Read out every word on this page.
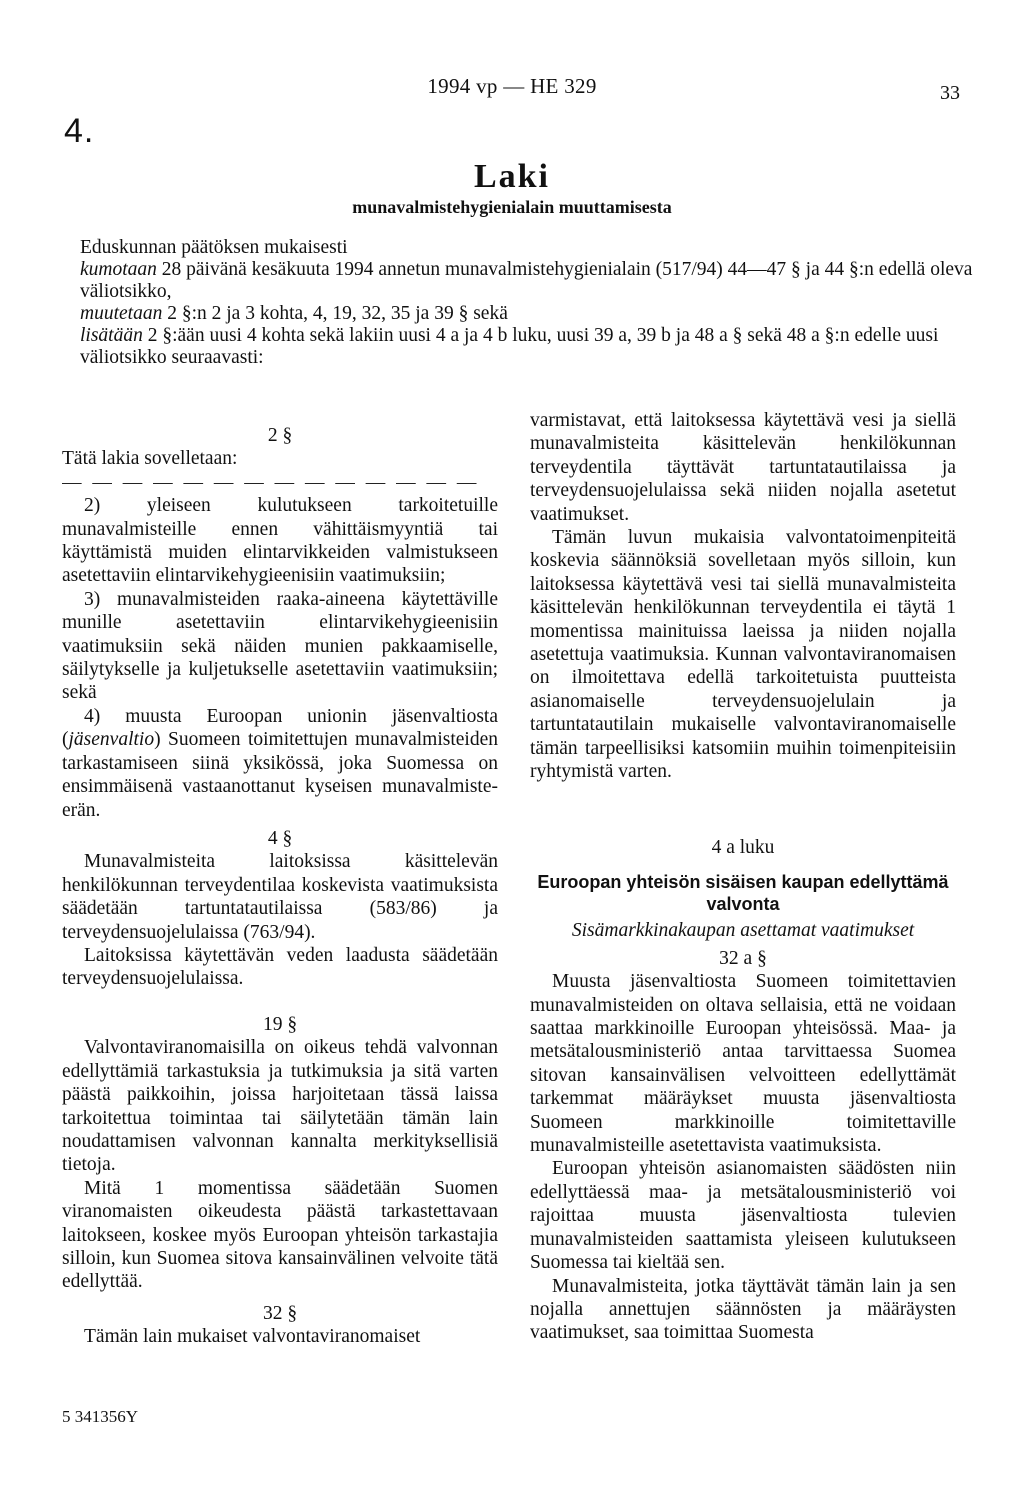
1994 vp — HE 329	33
4.
Laki
munavalmistehygienialain muuttamisesta

Eduskunnan päätöksen mukaisesti

kumotaan 28 päivänä kesäkuuta 1994 annetun munavalmistehygienialain (517/94) 44—47 § ja 44 §:n edellä oleva väliotsikko,

muutetaan 2 §:n 2 ja 3 kohta, 4, 19, 32, 35 ja 39 § sekä

lisätään 2 §:ään uusi 4 kohta sekä lakiin uusi 4 a ja 4 b luku, uusi 39 a, 39 b ja 48 a § sekä 48 a §:n edelle uusi väliotsikko seuraavasti:

2 §

Tätä lakia sovelletaan:

— — — — — — — — — — — — — —

2) yleiseen kulutukseen tarkoitetuille munavalmisteille ennen vähittäismyyntiä tai käyttämistä muiden elintarvikkeiden valmistukseen asetettaviin elintarvikehygieenisiin vaatimuksiin;

3) munavalmisteiden raaka-aineena käytettäville munille asetettaviin elintarvikehygieenisiin vaatimuksiin sekä näiden munien pakkaamiselle, säilytykselle ja kuljetukselle asetettaviin vaatimuksiin; sekä

4) muusta Euroopan unionin jäsenvaltiosta (jäsenvaltio) Suomeen toimitettujen munavalmisteiden tarkastamiseen siinä yksikössä, joka Suomessa on ensimmäisenä vastaanottanut kyseisen munavalmiste-erän.

4 §

Munavalmisteita laitoksissa käsittelevän henkilökunnan terveydentilaa koskevista vaatimuksista säädetään tartuntatautilaissa (583/86) ja terveydensuojelulaissa (763/94).

Laitoksissa käytettävän veden laadusta säädetään terveydensuojelulaissa.

19 §

Valvontaviranomaisilla on oikeus tehdä valvonnan edellyttämiä tarkastuksia ja tutkimuksia ja sitä varten päästä paikkoihin, joissa harjoitetaan tässä laissa tarkoitettua toimintaa tai säilytetään tämän lain noudattamisen valvonnan kannalta merkityksellisiä tietoja.

Mitä 1 momentissa säädetään Suomen viranomaisten oikeudesta päästä tarkastettavaan laitokseen, koskee myös Euroopan yhteisön tarkastajia silloin, kun Suomea sitova kansainvälinen velvoite tätä edellyttää.

32 §

Tämän lain mukaiset valvontaviranomaiset

varmistavat, että laitoksessa käytettävä vesi ja siellä munavalmisteita käsittelevän henkilökunnan terveydentila täyttävät tartuntatautilaissa ja terveydensuojelulaissa sekä niiden nojalla asetetut vaatimukset.

Tämän luvun mukaisia valvontatoimenpiteitä koskevia säännöksiä sovelletaan myös silloin, kun laitoksessa käytettävä vesi tai siellä munavalmisteita käsittelevän henkilökunnan terveydentila ei täytä 1 momentissa mainituissa laeissa ja niiden nojalla asetettuja vaatimuksia. Kunnan valvontaviranomaisen on ilmoitettava edellä tarkoitetuista puutteista asianomaiselle terveydensuojelulain ja tartuntatautilain mukaiselle valvontaviranomaiselle tämän tarpeellisiksi katsomiin muihin toimenpiteisiin ryhtymistä varten.

4 a luku

Euroopan yhteisön sisäisen kaupan edellyttämä valvonta

Sisämarkkinakaupan asettamat vaatimukset

32 a §

Muusta jäsenvaltiosta Suomeen toimitettavien munavalmisteiden on oltava sellaisia, että ne voidaan saattaa markkinoille Euroopan yhteisössä. Maa- ja metsätalousministeriö antaa tarvittaessa Suomea sitovan kansainvälisen velvoitteen edellyttämät tarkemmat määräykset muusta jäsenvaltiosta Suomeen markkinoille toimitettaville munavalmisteille asetettavista vaatimuksista.

Euroopan yhteisön asianomaisten säädösten niin edellyttäessä maa- ja metsätalousministeriö voi rajoittaa muusta jäsenvaltiosta tulevien munavalmisteiden saattamista yleiseen kulutukseen Suomessa tai kieltää sen.

Munavalmisteita, jotka täyttävät tämän lain ja sen nojalla annettujen säännösten ja määräysten vaatimukset, saa toimittaa Suomesta

5 341356Y
